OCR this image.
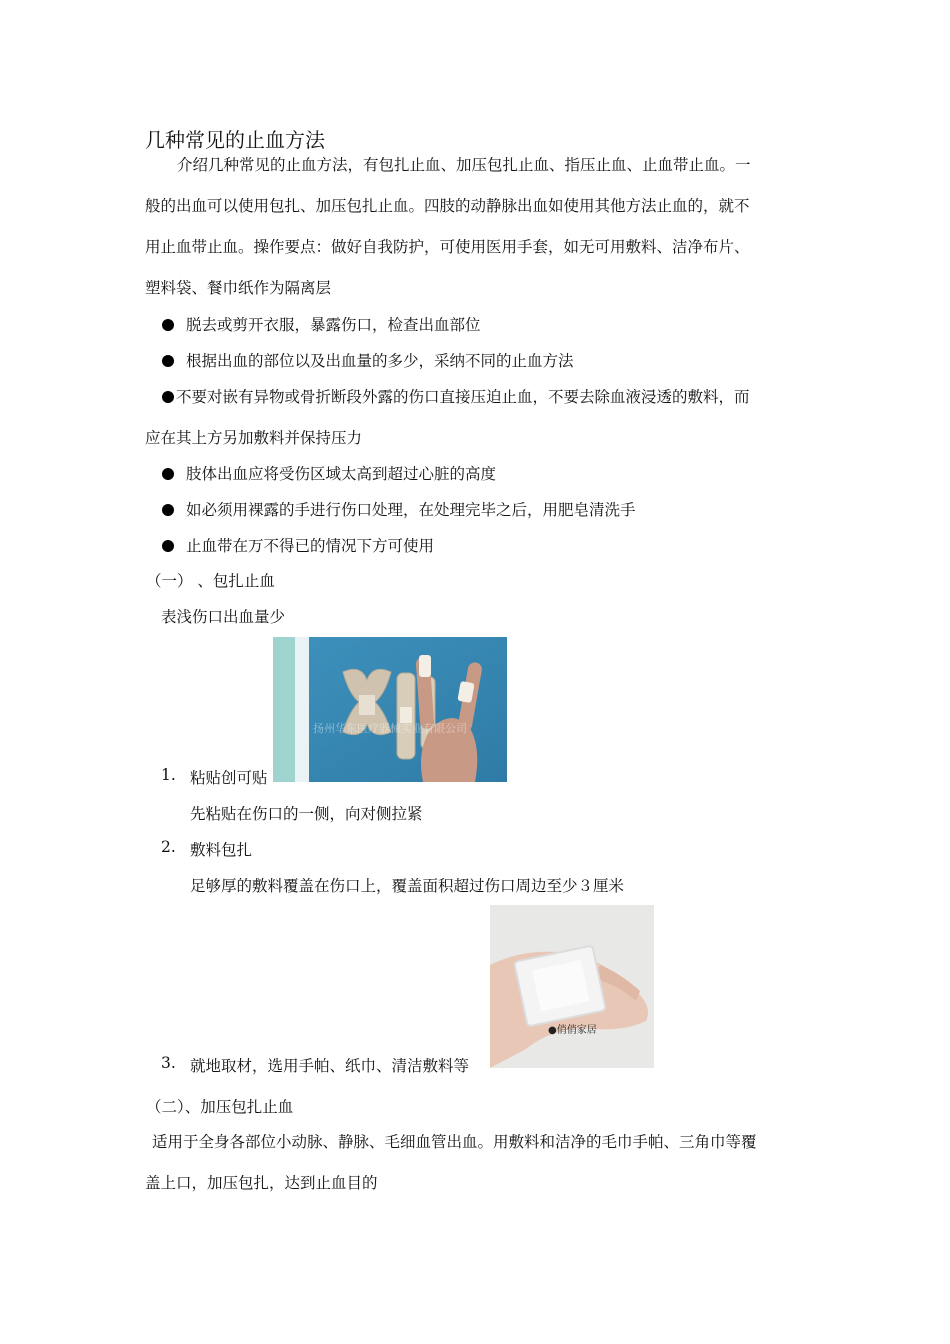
几种常见的止血方法
介绍几种常见的止血方法，有包扎止血、加压包扎止血、指压止血、止血带止血。一
般的出血可以使用包扎、加压包扎止血。四肢的动静脉出血如使用其他方法止血的，就不
用止血带止血。操作要点：做好自我防护，可使用医用手套，如无可用敷料、洁净布片、
塑料袋、餐巾纸作为隔离层
脱去或剪开衣服，暴露伤口，检查出血部位
根据出血的部位以及出血量的多少，采纳不同的止血方法
不要对嵌有异物或骨折断段外露的伤口直接压迫止血，不要去除血液浸透的敷料，而
应在其上方另加敷料并保持压力
肢体出血应将受伤区域太高到超过心脏的高度
如必须用裸露的手进行伤口处理，在处理完毕之后，用肥皂清洗手
止血带在万不得已的情况下方可使用
（一） 、包扎止血
表浅伤口出血量少
扬州华东医疗器械实业有限公司
1. 粘贴创可贴
先粘贴在伤口的一侧，向对侧拉紧
2. 敷料包扎
足够厚的敷料覆盖在伤口上，覆盖面积超过伤口周边至少３厘米
●俏俏家居
3. 就地取材，选用手帕、纸巾、清洁敷料等
（二）、加压包扎止血
适用于全身各部位小动脉、静脉、毛细血管出血。用敷料和洁净的毛巾手帕、三角巾等覆
盖上口，加压包扎，达到止血目的
